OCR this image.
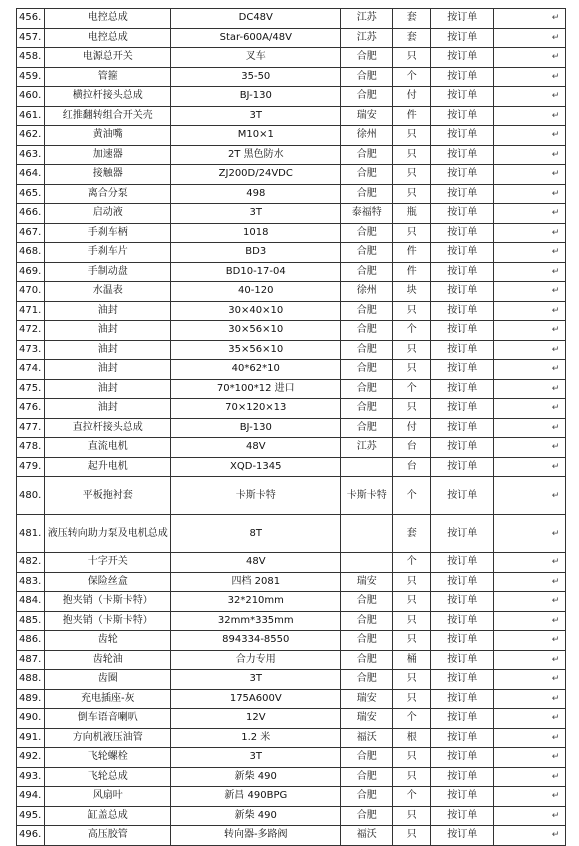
456.	电控总成	DC48V	江苏	套	按订单	↵
457.	电控总成	Star-600A/48V	江苏	套	按订单	↵
458.	电源总开关	叉车	合肥	只	按订单	↵
459.	管箍	35-50	合肥	个	按订单	↵
460.	横拉杆接头总成	BJ-130	合肥	付	按订单	↵
461.	红推翻转组合开关壳	3T	瑞安	件	按订单	↵
462.	黄油嘴	M10×1	徐州	只	按订单	↵
463.	加速器	2T 黑色防水	合肥	只	按订单	↵
464.	接触器	ZJ200D/24VDC	合肥	只	按订单	↵
465.	离合分泵	498	合肥	只	按订单	↵
466.	启动液	3T	泰福特	瓶	按订单	↵
467.	手刹车柄	1018	合肥	只	按订单	↵
468.	手刹车片	BD3	合肥	件	按订单	↵
469.	手制动盘	BD10-17-04	合肥	件	按订单	↵
470.	水温表	40-120	徐州	块	按订单	↵
471.	油封	30×40×10	合肥	只	按订单	↵
472.	油封	30×56×10	合肥	个	按订单	↵
473.	油封	35×56×10	合肥	只	按订单	↵
474.	油封	40*62*10	合肥	只	按订单	↵
475.	油封	70*100*12 进口	合肥	个	按订单	↵
476.	油封	70×120×13	合肥	只	按订单	↵
477.	直拉杆接头总成	BJ-130	合肥	付	按订单	↵
478.	直流电机	48V	江苏	台	按订单	↵
479.	起升电机	XQD-1345		台	按订单	↵
480.	平板拖衬套	卡斯卡特	卡斯卡特	个	按订单	↵
481.	液压转向助力泵及电机总成	8T		套	按订单	↵
482.	十字开关	48V		个	按订单	↵
483.	保险丝盒	四档 2081	瑞安	只	按订单	↵
484.	抱夹销（卡斯卡特）	32*210mm	合肥	只	按订单	↵
485.	抱夹销（卡斯卡特）	32mm*335mm	合肥	只	按订单	↵
486.	齿轮	894334-8550	合肥	只	按订单	↵
487.	齿轮油	合力专用	合肥	桶	按订单	↵
488.	齿圈	3T	合肥	只	按订单	↵
489.	充电插座-灰	175A600V	瑞安	只	按订单	↵
490.	倒车语音喇叭	12V	瑞安	个	按订单	↵
491.	方向机液压油管	1.2 米	福沃	根	按订单	↵
492.	飞轮螺栓	3T	合肥	只	按订单	↵
493.	飞轮总成	新柴 490	合肥	只	按订单	↵
494.	风扇叶	新昌 490BPG	合肥	个	按订单	↵
495.	缸盖总成	新柴 490	合肥	只	按订单	↵
496.	高压胶管	转向器-多路阀	福沃	只	按订单	↵
